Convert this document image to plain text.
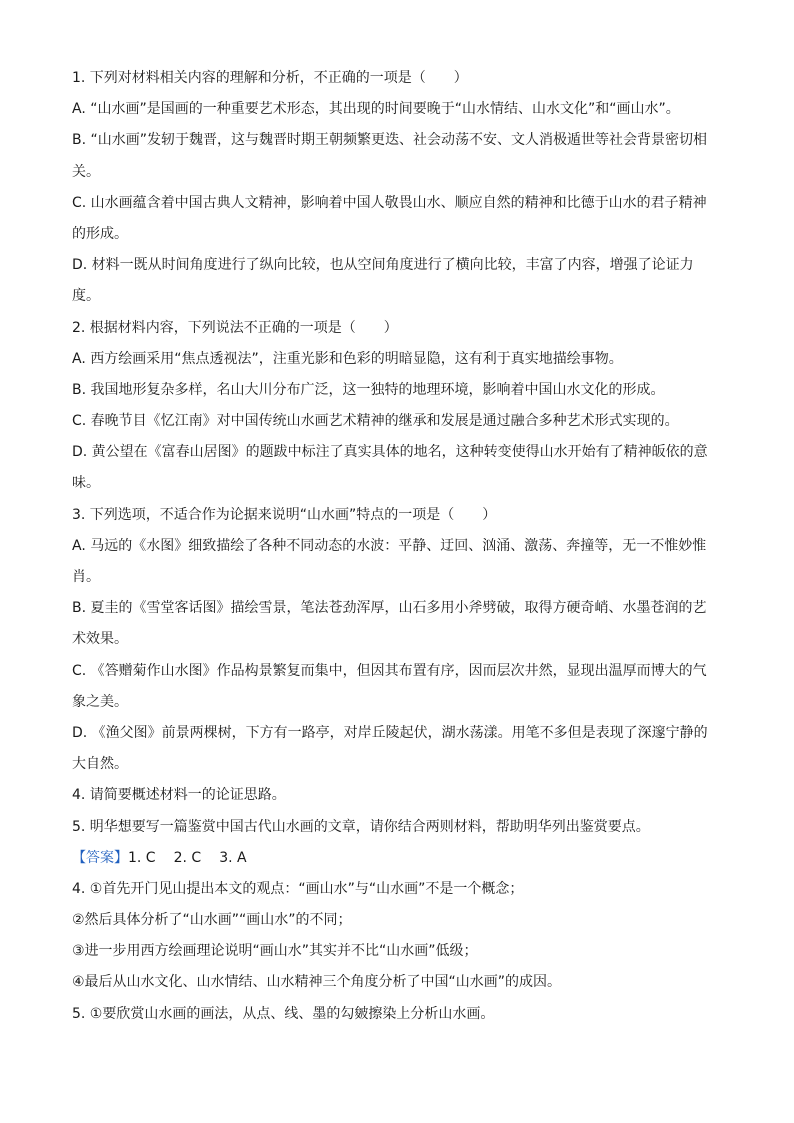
1. 下列对材料相关内容的理解和分析，不正确的一项是（　　）
A. “山水画”是国画的一种重要艺术形态，其出现的时间要晚于“山水情结、山水文化”和“画山水”。
B. “山水画”发轫于魏晋，这与魏晋时期王朝频繁更迭、社会动荡不安、文人消极遁世等社会背景密切相
关。
C. 山水画蕴含着中国古典人文精神，影响着中国人敬畏山水、顺应自然的精神和比德于山水的君子精神
的形成。
D. 材料一既从时间角度进行了纵向比较，也从空间角度进行了横向比较，丰富了内容，增强了论证力
度。
2. 根据材料内容，下列说法不正确的一项是（　　）
A. 西方绘画采用“焦点透视法”，注重光影和色彩的明暗显隐，这有利于真实地描绘事物。
B. 我国地形复杂多样，名山大川分布广泛，这一独特的地理环境，影响着中国山水文化的形成。
C. 春晚节目《忆江南》对中国传统山水画艺术精神的继承和发展是通过融合多种艺术形式实现的。
D. 黄公望在《富春山居图》的题跋中标注了真实具体的地名，这种转变使得山水开始有了精神皈依的意
味。
3. 下列选项，不适合作为论据来说明“山水画”特点的一项是（　　）
A. 马远的《水图》细致描绘了各种不同动态的水波：平静、迂回、汹涌、激荡、奔撞等，无一不惟妙惟
肖。
B. 夏圭的《雪堂客话图》描绘雪景，笔法苍劲浑厚，山石多用小斧劈破，取得方硬奇峭、水墨苍润的艺
术效果。
C. 《答赠菊作山水图》作品构景繁复而集中，但因其布置有序，因而层次井然，显现出温厚而博大的气
象之美。
D. 《渔父图》前景两棵树，下方有一路亭，对岸丘陵起伏，湖水荡漾。用笔不多但是表现了深邃宁静的
大自然。
4. 请简要概述材料一的论证思路。
5. 明华想要写一篇鉴赏中国古代山水画的文章，请你结合两则材料，帮助明华列出鉴赏要点。
【答案】1. C 2. C 3. A
4. ①首先开门见山提出本文的观点：“画山水”与“山水画”不是一个概念；
②然后具体分析了“山水画”“画山水”的不同；
③进一步用西方绘画理论说明“画山水”其实并不比“山水画”低级；
④最后从山水文化、山水情结、山水精神三个角度分析了中国“山水画”的成因。
5. ①要欣赏山水画的画法，从点、线、墨的勾皴擦染上分析山水画。
